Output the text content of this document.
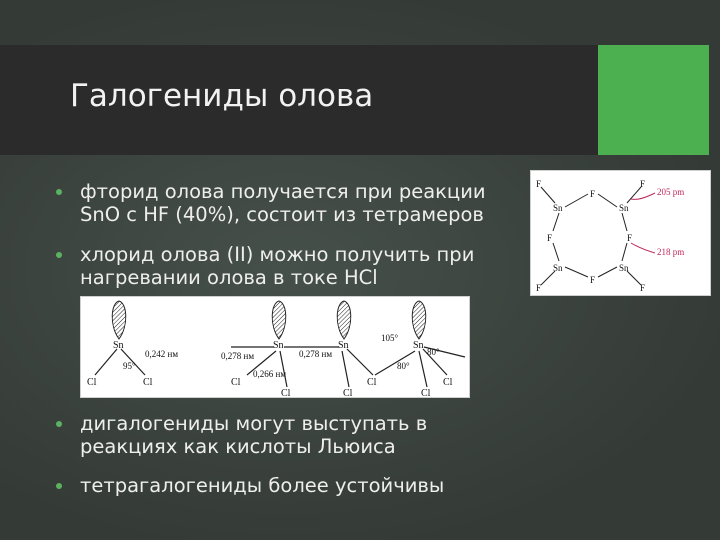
Галогениды олова
фторид олова получается при реакции
SnO с HF (40%), состоит из тетрамеров
хлорид олова (II) можно получить при
нагревании олова в токе HCl
дигалогениды могут выступать в
реакциях как кислоты Льюиса
тетрагалогениды более устойчивы
Sn	Sn
Sn	Sn
F
F
F	F
F	F
F	F
205 pm
218 pm
Sn	Sn	Sn	Sn
Cl	Cl	Cl
Cl	Cl
Cl
Cl
Cl
0,242 нм	0,278 нм
0,266 нм
0,278 нм
95°
105°
80°
80°
